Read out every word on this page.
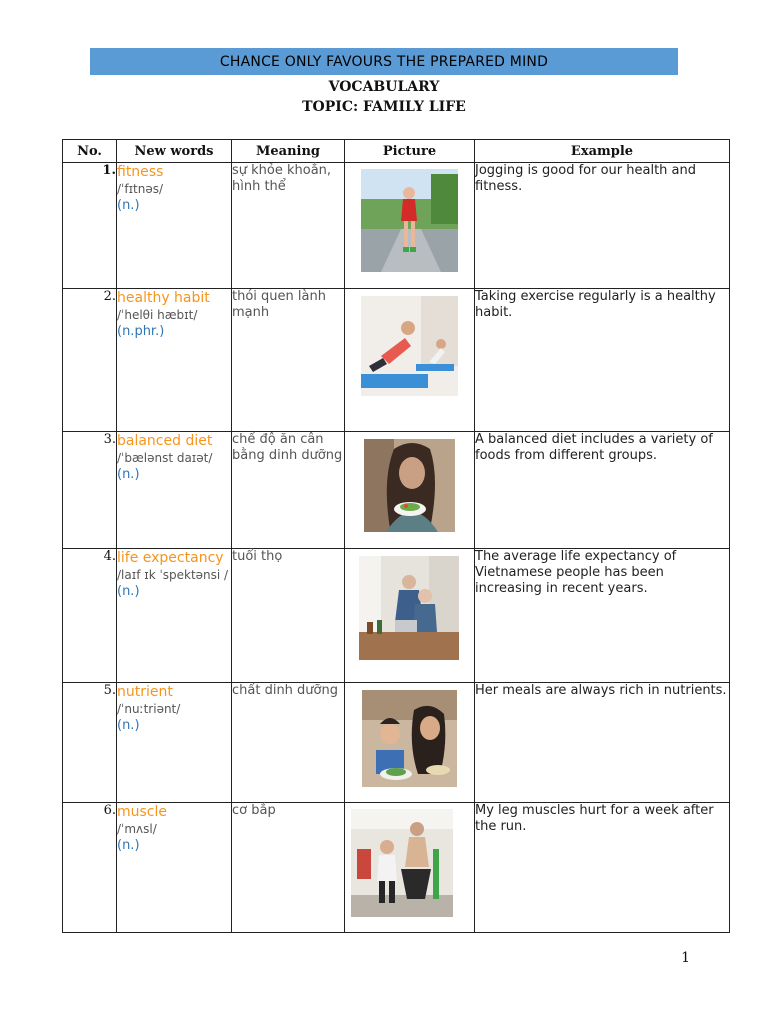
CHANCE ONLY FAVOURS THE PREPARED MIND
VOCABULARY
TOPIC: FAMILY LIFE
No.	New words	Meaning	Picture	Example
1.	fitness
/ˈfɪtnəs/
(n.)	sự khỏe khoắn, hình thể		Jogging is good for our health and fitness.
2.	healthy habit
/ˈhelθi hæbɪt/
(n.phr.)	thói quen lành mạnh		Taking exercise regularly is a healthy habit.
3.	balanced diet
/ˈbælənst daɪət/
(n.)	chế độ ăn cân bằng dinh dưỡng		A balanced diet includes a variety of foods from different groups.
4.	life expectancy
/laɪf ɪk ˈspektənsi /
(n.)	tuổi thọ		The average life expectancy of Vietnamese people has been increasing in recent years.
5.	nutrient
/ˈnuːtriənt/
(n.)	chất dinh dưỡng		Her meals are always rich in nutrients.
6.	muscle
/ˈmʌsl/
(n.)	cơ bắp		My leg muscles hurt for a week after the run.
1
